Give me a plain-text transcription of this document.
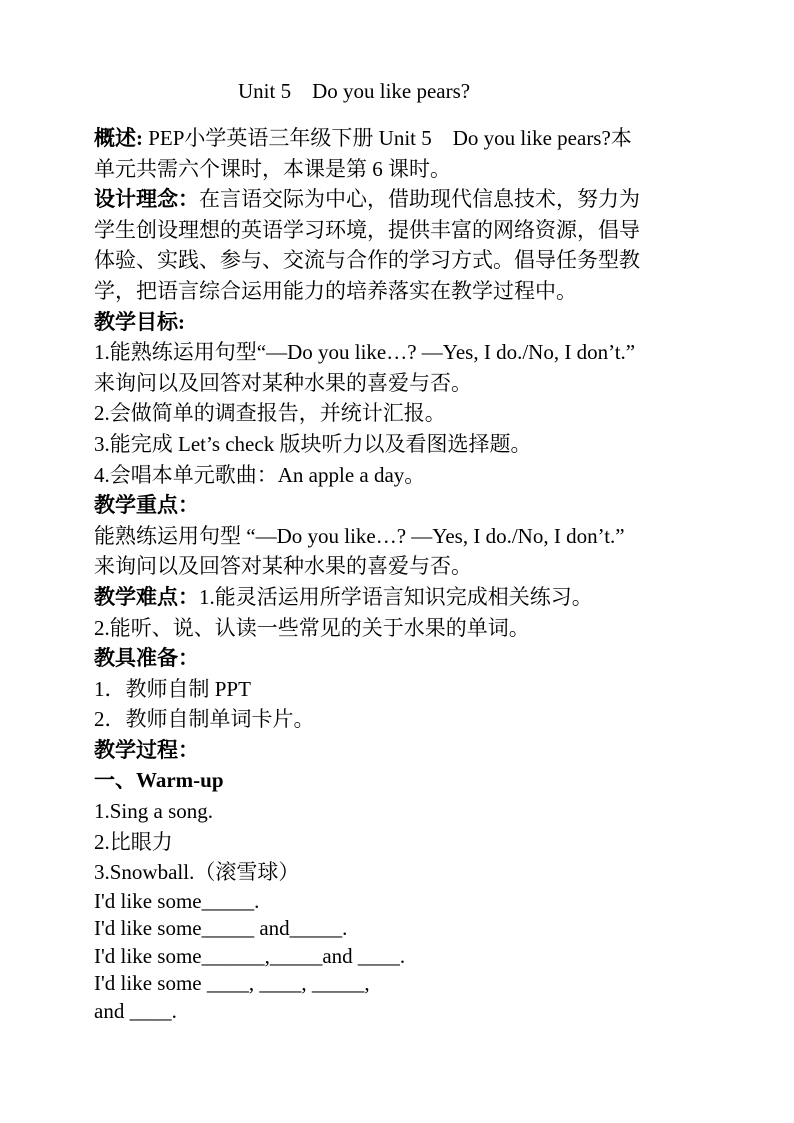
Unit 5    Do you like pears?
概述: PEP小学英语三年级下册 Unit 5    Do you like pears?本
单元共需六个课时，本课是第 6 课时。
设计理念：在言语交际为中心，借助现代信息技术，努力为
学生创设理想的英语学习环境，提供丰富的网络资源，倡导
体验、实践、参与、交流与合作的学习方式。倡导任务型教
学，把语言综合运用能力的培养落实在教学过程中。
教学目标:
1.能熟练运用句型“—Do you like…? —Yes, I do./No, I don’t.”
来询问以及回答对某种水果的喜爱与否。
2.会做简单的调查报告，并统计汇报。
3.能完成 Let’s check 版块听力以及看图选择题。
4.会唱本单元歌曲：An apple a day。
教学重点：
能熟练运用句型 “—Do you like…? —Yes, I do./No, I don’t.”
来询问以及回答对某种水果的喜爱与否。
教学难点：1.能灵活运用所学语言知识完成相关练习。
2.能听、说、认读一些常见的关于水果的单词。
教具准备：
1．教师自制 PPT
2．教师自制单词卡片。
教学过程：
一、Warm-up
1.Sing a song.
2.比眼力
3.Snowball.（滚雪球）
I'd like some_____.
I'd like some_____ and_____.
I'd like some______,_____and ____.
I'd like some ____, ____, _____,
and ____.
